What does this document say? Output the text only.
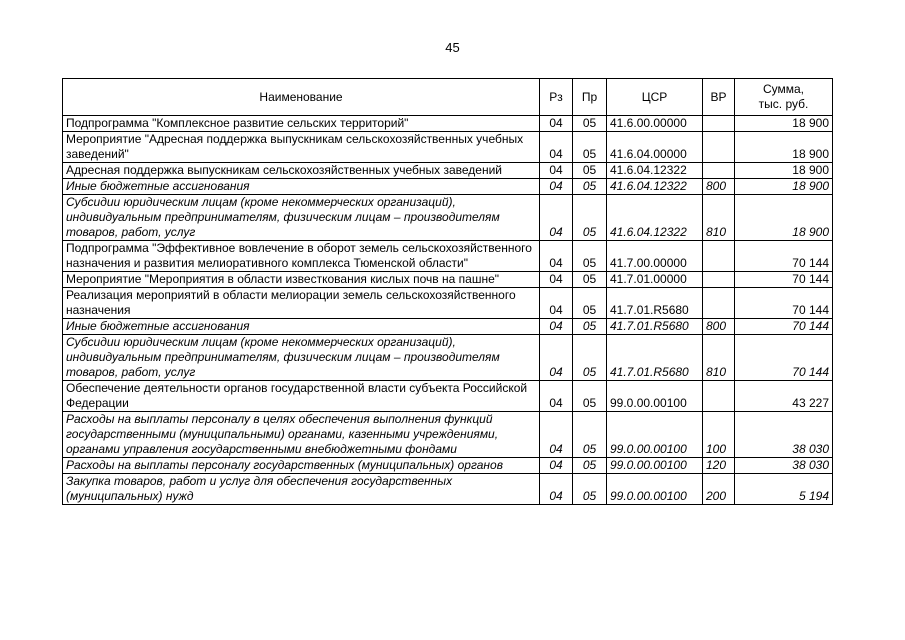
45
Наименование	Рз	Пр	ЦСР	ВР	Сумма,
тыс. руб.

Подпрограмма "Комплексное развитие сельских территорий"	04	05	41.6.00.00000		18 900
Мероприятие "Адресная поддержка выпускникам сельскохозяйственных учебных заведений"	04	05	41.6.04.00000		18 900
Адресная поддержка выпускникам сельскохозяйственных учебных заведений	04	05	41.6.04.12322		18 900
Иные бюджетные ассигнования	04	05	41.6.04.12322	800	18 900
Субсидии юридическим лицам (кроме некоммерческих организаций), индивидуальным предпринимателям, физическим лицам – производителям товаров, работ, услуг	04	05	41.6.04.12322	810	18 900
Подпрограмма "Эффективное вовлечение в оборот земель сельскохозяйственного назначения и развития мелиоративного комплекса Тюменской области"	04	05	41.7.00.00000		70 144
Мероприятие "Мероприятия в области известкования кислых почв на пашне"	04	05	41.7.01.00000		70 144
Реализация мероприятий в области мелиорации земель сельскохозяйственного назначения	04	05	41.7.01.R5680		70 144
Иные бюджетные ассигнования	04	05	41.7.01.R5680	800	70 144
Субсидии юридическим лицам (кроме некоммерческих организаций), индивидуальным предпринимателям, физическим лицам – производителям товаров, работ, услуг	04	05	41.7.01.R5680	810	70 144
Обеспечение деятельности органов государственной власти субъекта Российской Федерации	04	05	99.0.00.00100		43 227
Расходы на выплаты персоналу в целях обеспечения выполнения функций государственными (муниципальными) органами, казенными учреждениями, органами управления государственными внебюджетными фондами	04	05	99.0.00.00100	100	38 030
Расходы на выплаты персоналу государственных (муниципальных) органов	04	05	99.0.00.00100	120	38 030
Закупка товаров, работ и услуг для обеспечения государственных (муниципальных) нужд	04	05	99.0.00.00100	200	5 194
